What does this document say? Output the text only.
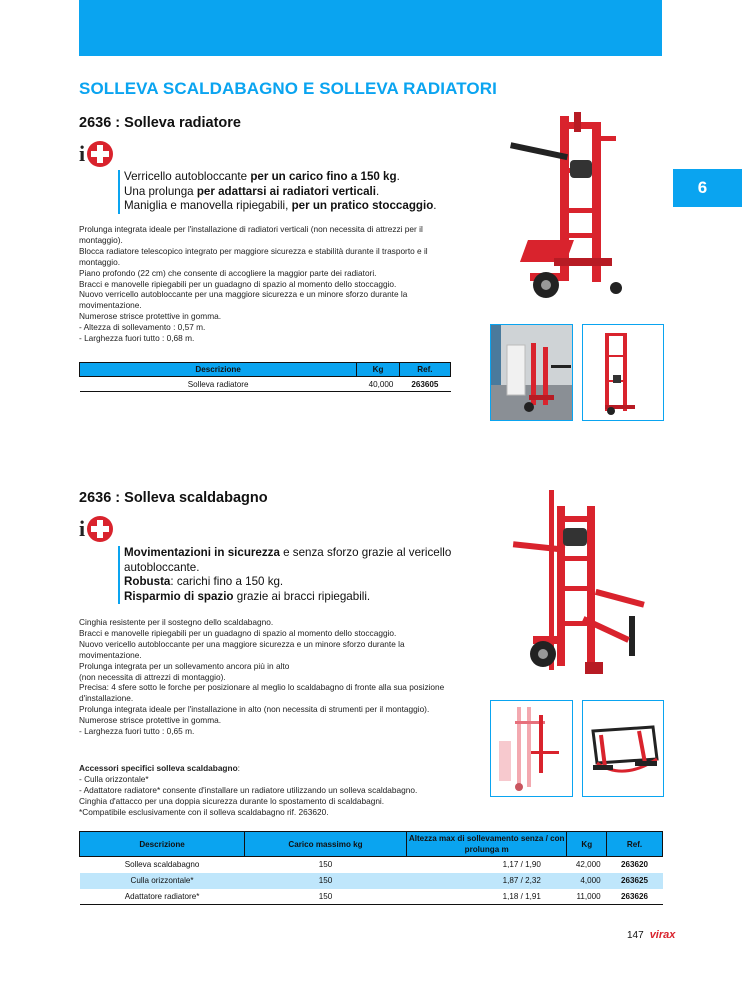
6
SOLLEVA SCALDABAGNO E SOLLEVA RADIATORI
2636 : Solleva radiatore
i
Verricello autobloccante per un carico fino a 150 kg.
Una prolunga per adattarsi ai radiatori verticali.
Maniglia e manovella ripiegabili, per un pratico stoccaggio.
Prolunga integrata ideale per l'installazione di radiatori verticali (non necessita di attrezzi per il montaggio).
Blocca radiatore telescopico integrato per maggiore sicurezza e stabilità durante il trasporto e il montaggio.
Piano profondo (22 cm) che consente di accogliere la maggior parte dei radiatori.
Bracci e manovelle ripiegabili per un guadagno di spazio al momento dello stoccaggio.
Nuovo verricello autobloccante per una maggiore sicurezza e un minore sforzo durante la movimentazione.
Numerose strisce protettive in gomma.
- Altezza di sollevamento : 0,57 m.
- Larghezza fuori tutto : 0,68 m.
Descrizione	Kg	Ref.
Solleva radiatore	40,000	263605
2636 : Solleva scaldabagno
i
Movimentazioni in sicurezza e senza sforzo grazie al vericello
autobloccante.
Robusta: carichi fino a 150 kg.
Risparmio di spazio grazie ai bracci ripiegabili.
Cinghia resistente per il sostegno dello scaldabagno.
Bracci e manovelle ripiegabili per un guadagno di spazio al momento dello stoccaggio.
Nuovo vericello autobloccante per una maggiore sicurezza e un minore sforzo durante la movimentazione.
Prolunga integrata per un sollevamento ancora più in alto
(non necessita di attrezzi di montaggio).
Precisa: 4 sfere sotto le forche per posizionare al meglio lo scaldabagno di fronte alla sua posizione d'installazione.
Prolunga integrata ideale per l'installazione in alto (non necessita di strumenti per il montaggio).
Numerose strisce protettive in gomma.
- Larghezza fuori tutto : 0,65 m.
Accessori specifici solleva scaldabagno:
- Culla orizzontale*
- Adattatore radiatore* consente d'installare un radiatore utilizzando un solleva scaldabagno.
Cinghia d'attacco per una doppia sicurezza durante lo spostamento di scaldabagni.
*Compatibile esclusivamente con il solleva scaldabagno rif. 263620.
Descrizione	Carico massimo kg	Altezza max di sollevamento senza / con prolunga m	Kg	Ref.
Solleva scaldabagno	150	1,17 / 1,90	42,000	263620
Culla orizzontale*	150	1,87 / 2,32	4,000	263625
Adattatore radiatore*	150	1,18 / 1,91	11,000	263626
147 virax
